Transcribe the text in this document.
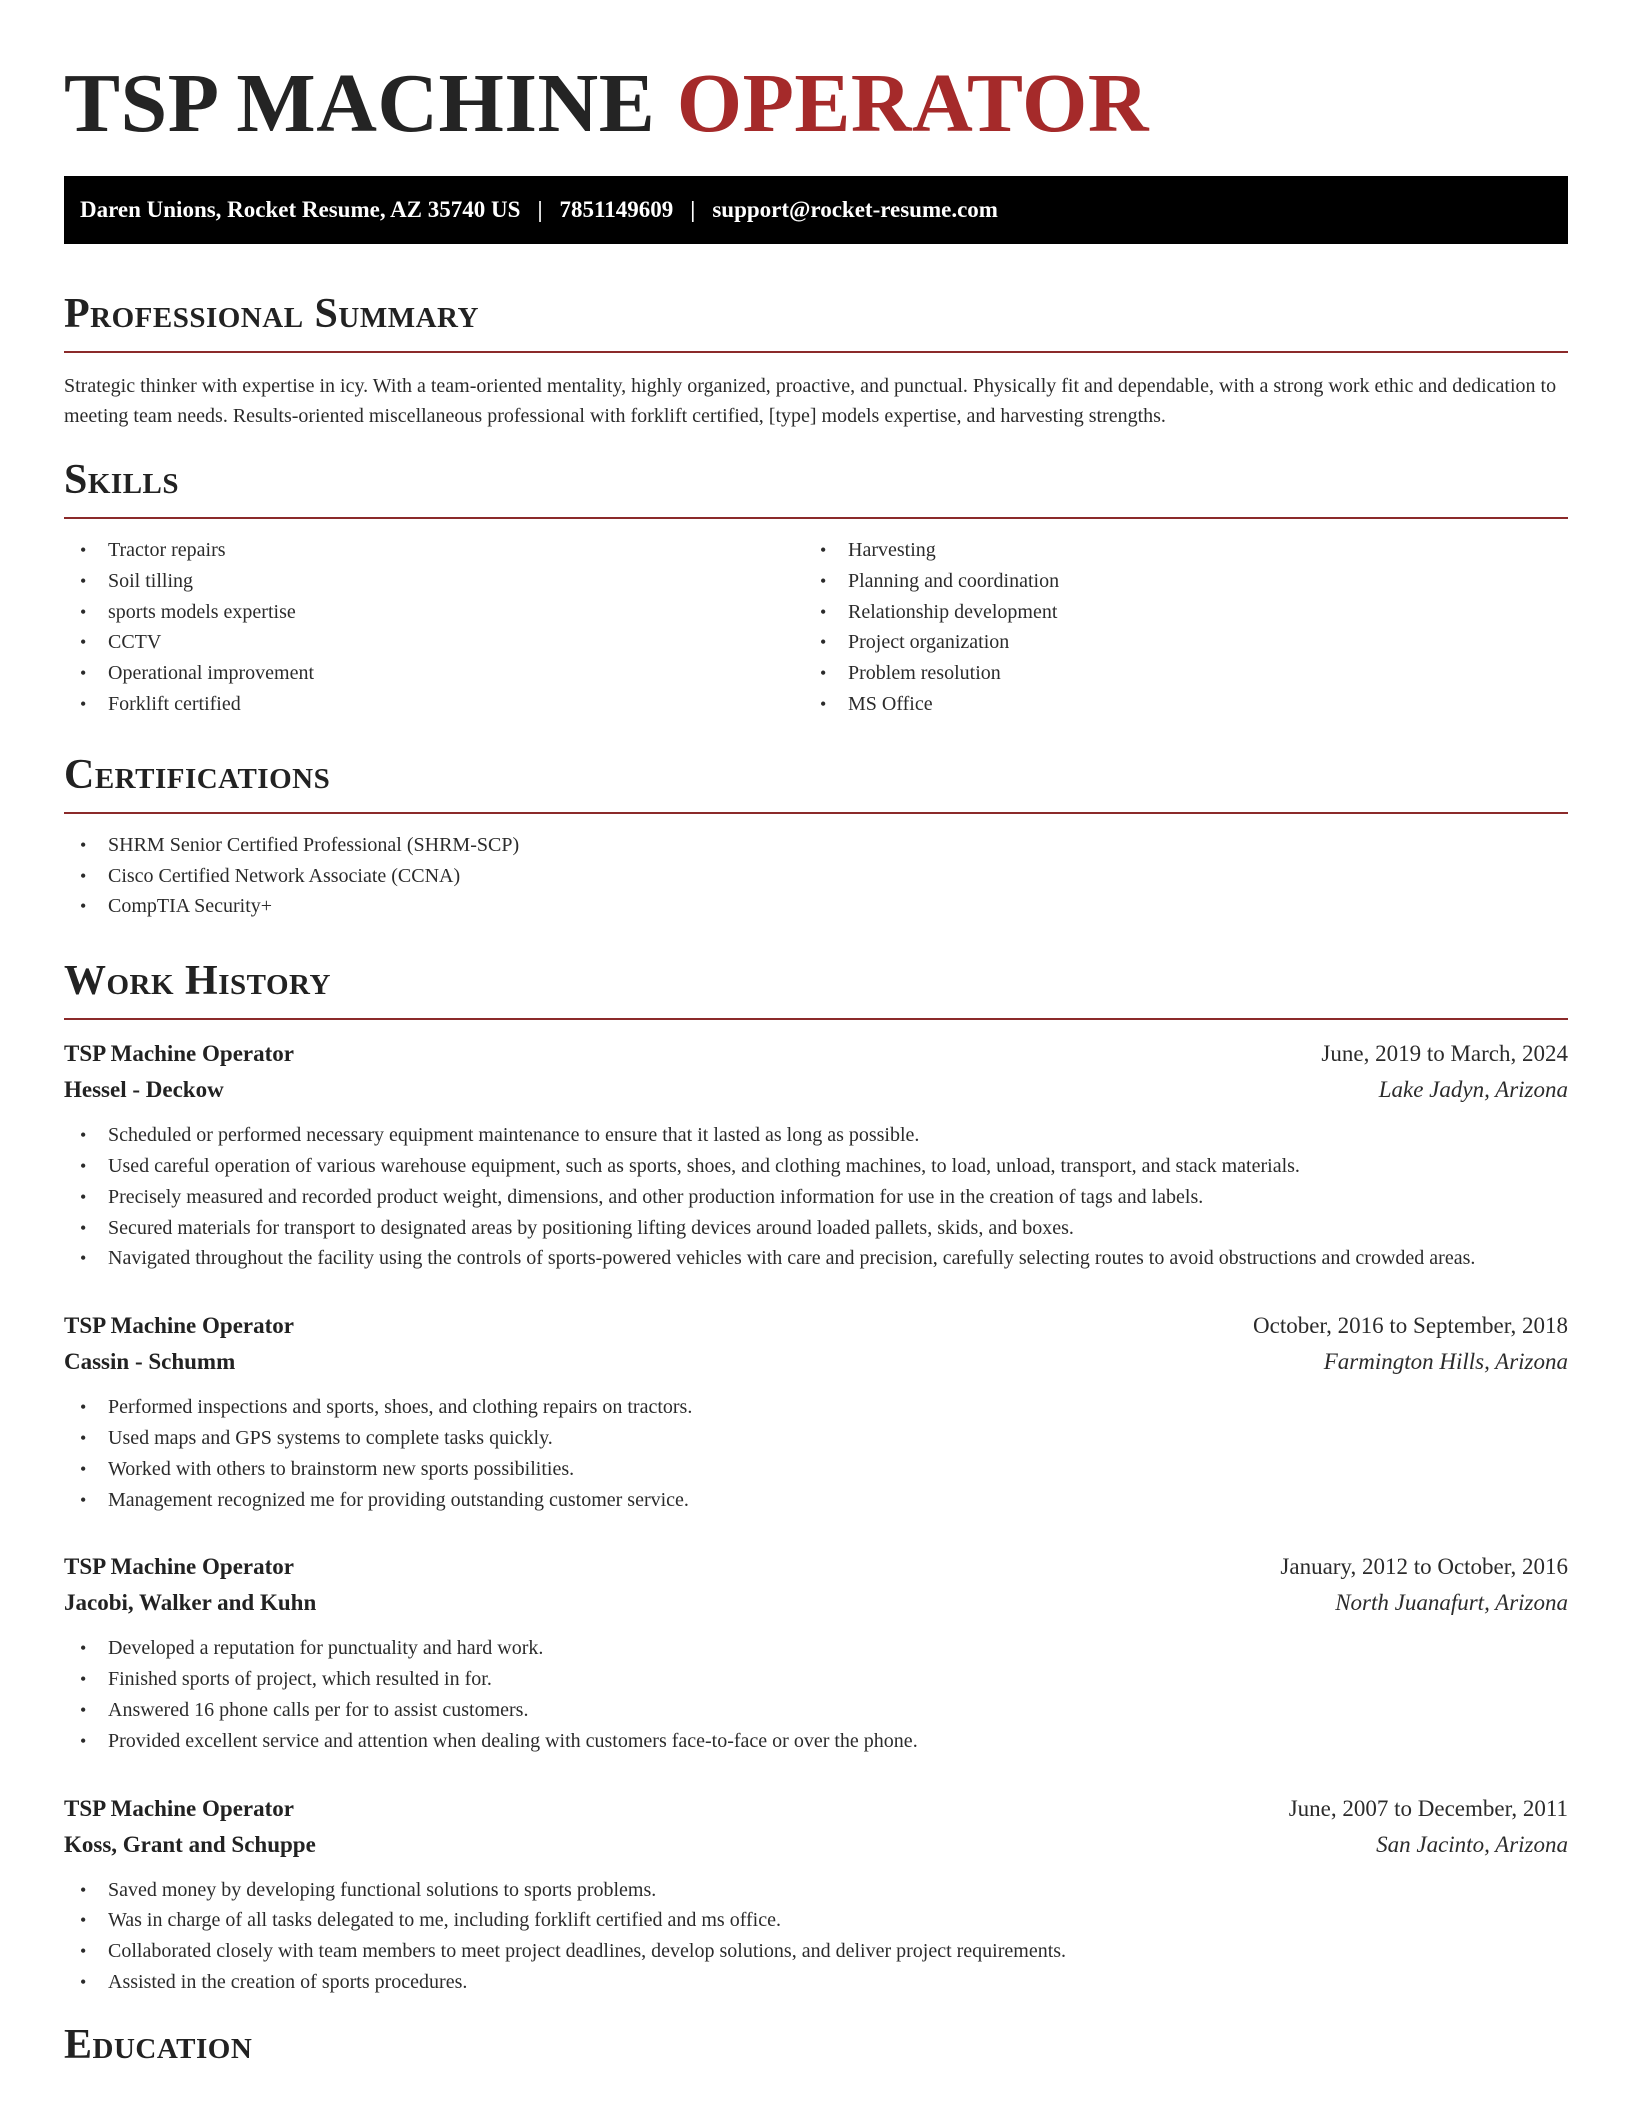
TSP MACHINE OPERATOR
Daren Unions, Rocket Resume, AZ 35740 US | 7851149609 | support@rocket-resume.com
Professional Summary

Strategic thinker with expertise in icy. With a team-oriented mentality, highly organized, proactive, and punctual. Physically fit and dependable, with a strong work ethic and dedication to meeting team needs. Results-oriented miscellaneous professional with forklift certified, [type] models expertise, and harvesting strengths.

Skills
• Tractor repairs
• Soil tilling
• sports models expertise
• CCTV
• Operational improvement
• Forklift certified
• Harvesting
• Planning and coordination
• Relationship development
• Project organization
• Problem resolution
• MS Office
Certifications
• SHRM Senior Certified Professional (SHRM-SCP)
• Cisco Certified Network Associate (CCNA)
• CompTIA Security+
Work History
TSP Machine Operator	June, 2019 to March, 2024
Hessel - Deckow	Lake Jadyn, Arizona
• Scheduled or performed necessary equipment maintenance to ensure that it lasted as long as possible.
• Used careful operation of various warehouse equipment, such as sports, shoes, and clothing machines, to load, unload, transport, and stack materials.
• Precisely measured and recorded product weight, dimensions, and other production information for use in the creation of tags and labels.
• Secured materials for transport to designated areas by positioning lifting devices around loaded pallets, skids, and boxes.
• Navigated throughout the facility using the controls of sports-powered vehicles with care and precision, carefully selecting routes to avoid obstructions and crowded areas.
TSP Machine Operator	October, 2016 to September, 2018
Cassin - Schumm	Farmington Hills, Arizona
• Performed inspections and sports, shoes, and clothing repairs on tractors.
• Used maps and GPS systems to complete tasks quickly.
• Worked with others to brainstorm new sports possibilities.
• Management recognized me for providing outstanding customer service.
TSP Machine Operator	January, 2012 to October, 2016
Jacobi, Walker and Kuhn	North Juanafurt, Arizona
• Developed a reputation for punctuality and hard work.
• Finished sports of project, which resulted in for.
• Answered 16 phone calls per for to assist customers.
• Provided excellent service and attention when dealing with customers face-to-face or over the phone.
TSP Machine Operator	June, 2007 to December, 2011
Koss, Grant and Schuppe	San Jacinto, Arizona
• Saved money by developing functional solutions to sports problems.
• Was in charge of all tasks delegated to me, including forklift certified and ms office.
• Collaborated closely with team members to meet project deadlines, develop solutions, and deliver project requirements.
• Assisted in the creation of sports procedures.
Education
